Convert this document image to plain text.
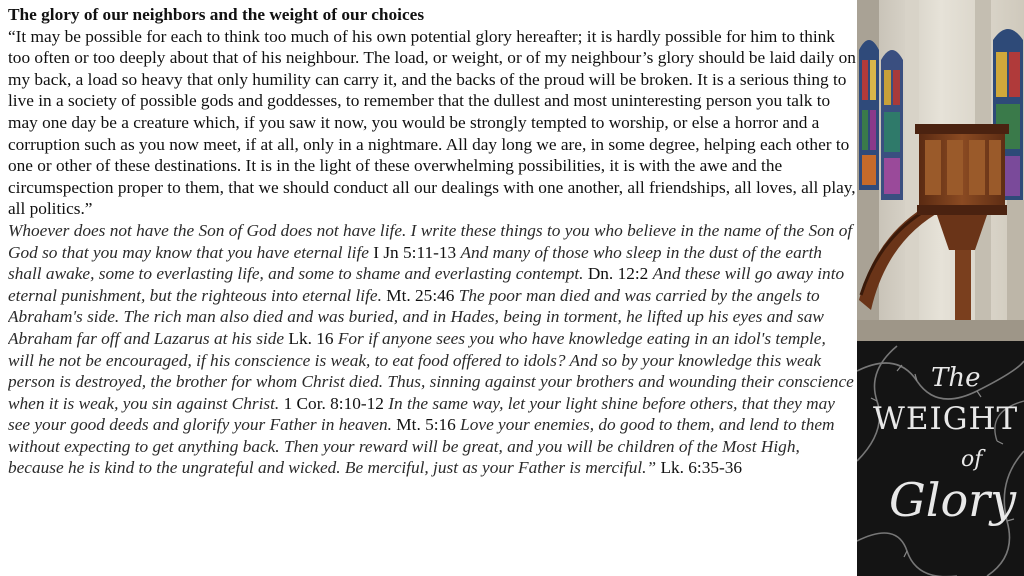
The glory of our neighbors and the weight of our choices
“It may be possible for each to think too much of his own potential glory hereafter; it is hardly possible for him to think too often or too deeply about that of his neighbour. The load, or weight, or of my neighbour’s glory should be laid daily on my back, a load so heavy that only humility can carry it, and the backs of the proud will be broken. It is a serious thing to live in a society of possible gods and goddesses, to remember that the dullest and most uninteresting person you talk to may one day be a creature which, if you saw it now, you would be strongly tempted to worship, or else a horror and a corruption such as you now meet, if at all, only in a nightmare. All day long we are, in some degree, helping each other to one or other of these destinations. It is in the light of these overwhelming possibilities, it is with the awe and the circumspection proper to them, that we should conduct all our dealings with one another, all friendships, all loves, all play, all politics.”
Whoever does not have the Son of God does not have life. I write these things to you who believe in the name of the Son of God so that you may know that you have eternal life I Jn 5:11-13 And many of those who sleep in the dust of the earth shall awake, some to everlasting life, and some to shame and everlasting contempt. Dn. 12:2 And these will go away into eternal punishment, but the righteous into eternal life. Mt. 25:46 The poor man died and was carried by the angels to Abraham's side. The rich man also died and was buried, and in Hades, being in torment, he lifted up his eyes and saw Abraham far off and Lazarus at his side Lk. 16 For if anyone sees you who have knowledge eating in an idol's temple, will he not be encouraged, if his conscience is weak, to eat food offered to idols? And so by your knowledge this weak person is destroyed, the brother for whom Christ died. Thus, sinning against your brothers and wounding their conscience when it is weak, you sin against Christ. 1 Cor. 8:10-12 In the same way, let your light shine before others, that they may see your good deeds and glorify your Father in heaven. Mt. 5:16 Love your enemies, do good to them, and lend to them without expecting to get anything back. Then your reward will be great, and you will be children of the Most High, because he is kind to the ungrateful and wicked. Be merciful, just as your Father is merciful.” Lk. 6:35-36
The
WEIGHT
of
Glory
